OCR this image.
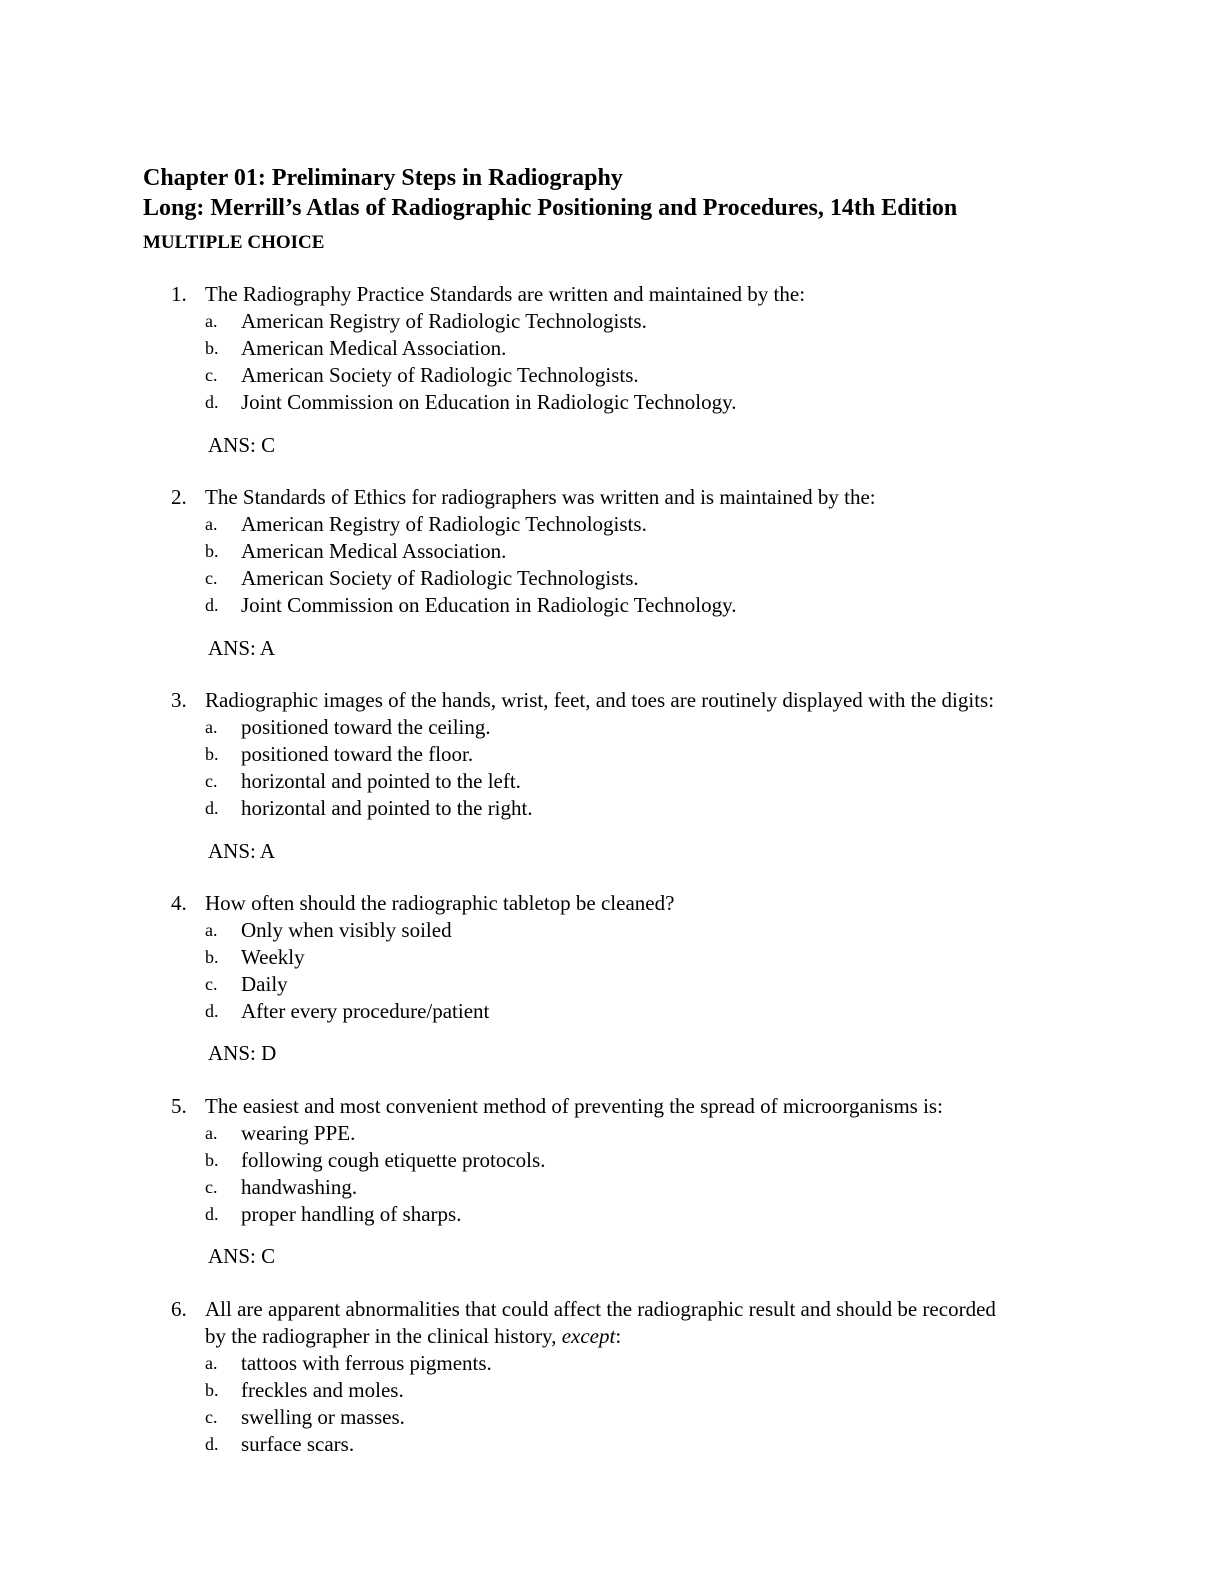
Chapter 01: Preliminary Steps in Radiography
Long: Merrill’s Atlas of Radiographic Positioning and Procedures, 14th Edition
MULTIPLE CHOICE
1. The Radiography Practice Standards are written and maintained by the:
a. American Registry of Radiologic Technologists.
b. American Medical Association.
c. American Society of Radiologic Technologists.
d. Joint Commission on Education in Radiologic Technology.
ANS: C
2. The Standards of Ethics for radiographers was written and is maintained by the:
a. American Registry of Radiologic Technologists.
b. American Medical Association.
c. American Society of Radiologic Technologists.
d. Joint Commission on Education in Radiologic Technology.
ANS: A
3. Radiographic images of the hands, wrist, feet, and toes are routinely displayed with the digits:
a. positioned toward the ceiling.
b. positioned toward the floor.
c. horizontal and pointed to the left.
d. horizontal and pointed to the right.
ANS: A
4. How often should the radiographic tabletop be cleaned?
a. Only when visibly soiled
b. Weekly
c. Daily
d. After every procedure/patient
ANS: D
5. The easiest and most convenient method of preventing the spread of microorganisms is:
a. wearing PPE.
b. following cough etiquette protocols.
c. handwashing.
d. proper handling of sharps.
ANS: C
6. All are apparent abnormalities that could affect the radiographic result and should be recorded
by the radiographer in the clinical history, except:
a. tattoos with ferrous pigments.
b. freckles and moles.
c. swelling or masses.
d. surface scars.
